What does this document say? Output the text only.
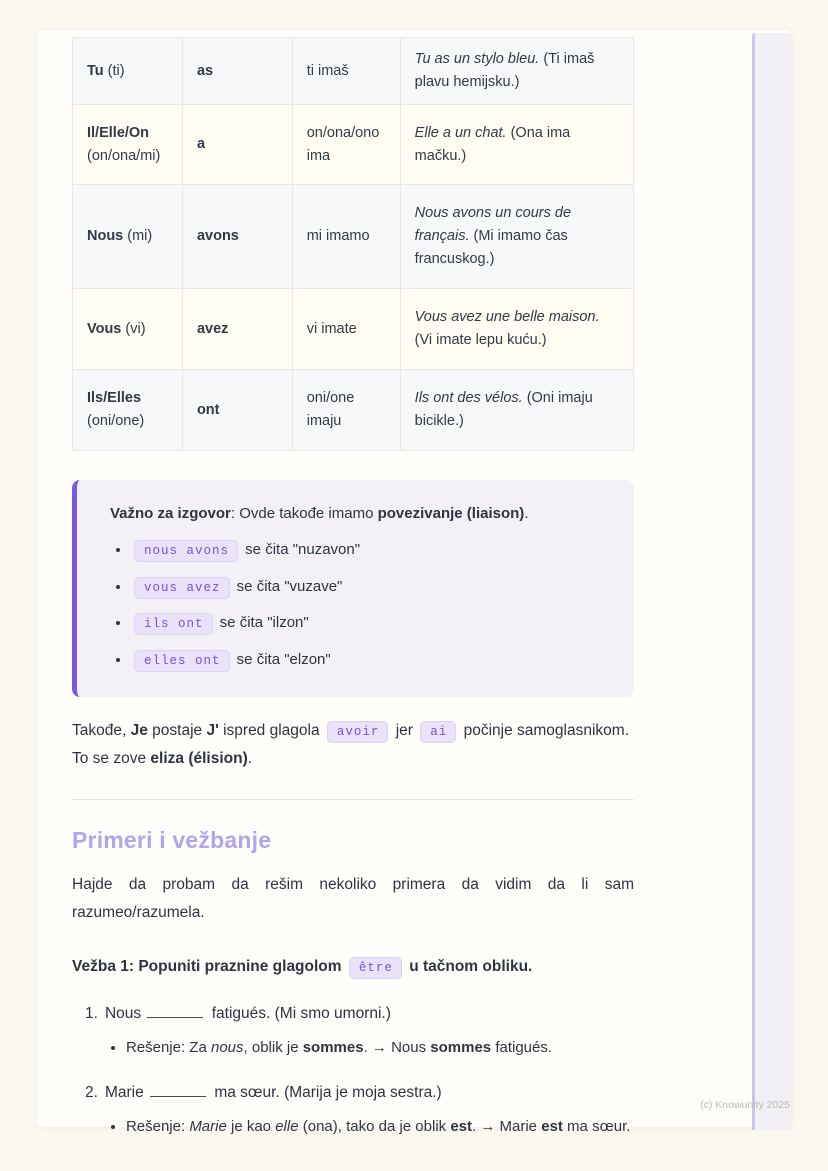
Tu (ti)	as	ti imaš	Tu as un stylo bleu. (Ti imaš plavu hemijsku.)
Il/Elle/On (on/ona/mi)	a	on/ona/ono ima	Elle a un chat. (Ona ima mačku.)
Nous (mi)	avons	mi imamo	Nous avons un cours de français. (Mi imamo čas francuskog.)
Vous (vi)	avez	vi imate	Vous avez une belle maison. (Vi imate lepu kuću.)
Ils/Elles (oni/one)	ont	oni/one imaju	Ils ont des vélos. (Oni imaju bicikle.)

Važno za izgovor: Ovde takođe imamo povezivanje (liaison).

• nous avons se čita "nuzavon"
• vous avez se čita "vuzave"
• ils ont se čita "ilzon"
• elles ont se čita "elzon"

Takođe, Je postaje J' ispred glagola avoir jer ai počinje samoglasnikom. To se zove eliza (élision).

Primeri i vežbanje

Hajde da probam da rešim nekoliko primera da vidim da li sam razumeo/razumela.

Vežba 1: Popuniti praznine glagolom être u tačnom obliku.

1. Nous	fatigués. (Mi smo umorni.)

• Rešenje: Za nous, oblik je sommes. → Nous sommes fatigués.
2. Marie	ma sœur. (Marija je moja sestra.)

• Rešenje: Marie je kao elle (ona), tako da je oblik est. → Marie est ma sœur.
(c) Knowunity 2025
